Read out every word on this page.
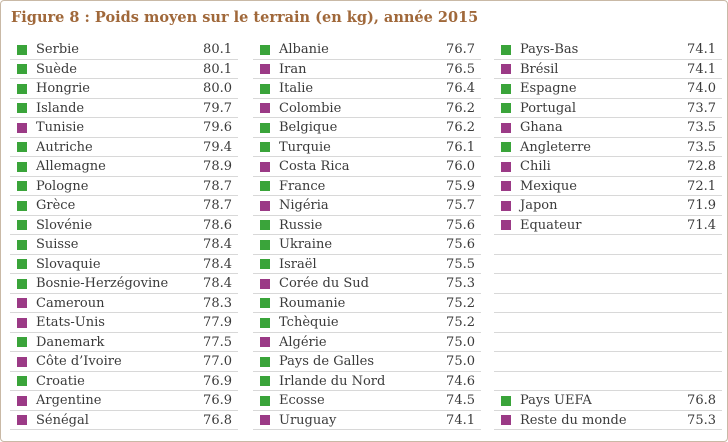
Figure 8 : Poids moyen sur le terrain (en kg), année 2015
Serbie	80.1
Suède	80.1
Hongrie	80.0
Islande	79.7
Tunisie	79.6
Autriche	79.4
Allemagne	78.9
Pologne	78.7
Grèce	78.7
Slovénie	78.6
Suisse	78.4
Slovaquie	78.4
Bosnie-Herzégovine	78.4
Cameroun	78.3
Etats-Unis	77.9
Danemark	77.5
Côte d’Ivoire	77.0
Croatie	76.9
Argentine	76.9
Sénégal	76.8
Albanie	76.7
Iran	76.5
Italie	76.4
Colombie	76.2
Belgique	76.2
Turquie	76.1
Costa Rica	76.0
France	75.9
Nigéria	75.7
Russie	75.6
Ukraine	75.6
Israël	75.5
Corée du Sud	75.3
Roumanie	75.2
Tchèquie	75.2
Algérie	75.0
Pays de Galles	75.0
Irlande du Nord	74.6
Ecosse	74.5
Uruguay	74.1
Pays-Bas	74.1
Brésil	74.1
Espagne	74.0
Portugal	73.7
Ghana	73.5
Angleterre	73.5
Chili	72.8
Mexique	72.1
Japon	71.9
Equateur	71.4
Pays UEFA	76.8
Reste du monde	75.3
